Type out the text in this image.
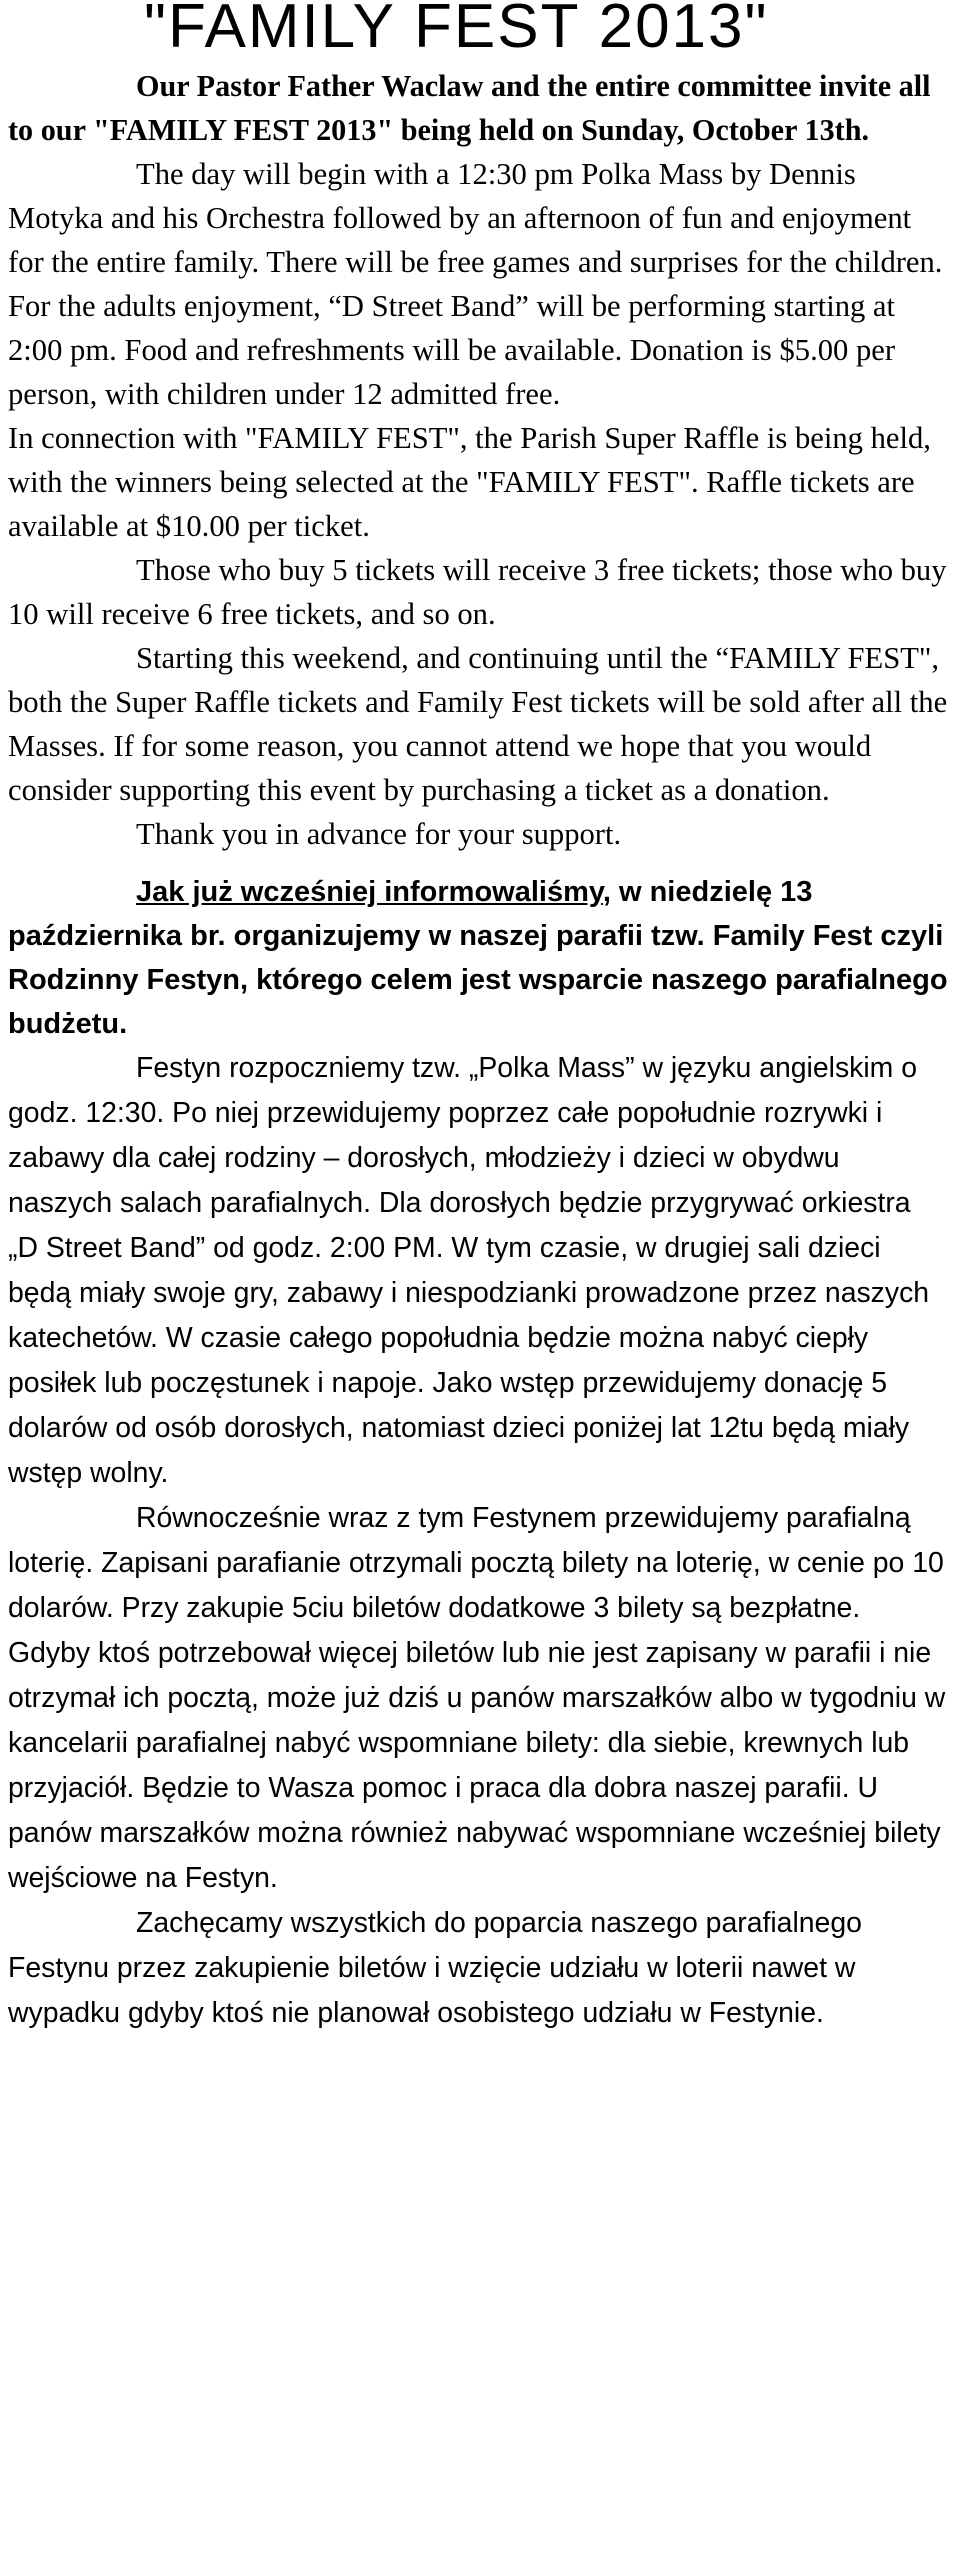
"FAMILY FEST 2013"

Our Pastor Father Waclaw and the entire committee invite all to our "FAMILY FEST 2013" being held on Sunday, October 13th.

The day will begin with a 12:30 pm Polka Mass by Dennis Motyka and his Orchestra followed by an afternoon of fun and enjoyment for the entire family. There will be free games and surprises for the children. For the adults enjoyment, “D Street Band” will be performing starting at 2:00 pm. Food and refreshments will be available. Donation is $5.00 per person, with children under 12 admitted free.

In connection with "FAMILY FEST", the Parish Super Raffle is being held, with the winners being selected at the "FAMILY FEST". Raffle tickets are available at $10.00 per ticket.

Those who buy 5 tickets will receive 3 free tickets; those who buy 10 will receive 6 free tickets, and so on.

Starting this weekend, and continuing until the “FAMILY FEST", both the Super Raffle tickets and Family Fest tickets will be sold after all the Masses. If for some reason, you cannot attend we hope that you would consider supporting this event by purchasing a ticket as a donation.

Thank you in advance for your support.

Jak już wcześniej informowaliśmy, w niedzielę 13 października br. organizujemy w naszej parafii tzw. Family Fest czyli Rodzinny Festyn, którego celem jest wsparcie naszego parafialnego budżetu.

Festyn rozpoczniemy tzw. „Polka Mass” w języku angielskim o godz. 12:30. Po niej przewidujemy poprzez całe popołudnie rozrywki i zabawy dla całej rodziny – dorosłych, młodzieży i dzieci w obydwu naszych salach parafialnych. Dla dorosłych będzie przygrywać orkiestra „D Street Band” od godz. 2:00 PM. W tym czasie, w drugiej sali dzieci będą miały swoje gry, zabawy i niespodzianki prowadzone przez naszych katechetów. W czasie całego popołudnia będzie można nabyć ciepły posiłek lub poczęstunek i napoje. Jako wstęp przewidujemy donację 5 dolarów od osób dorosłych, natomiast dzieci poniżej lat 12tu będą miały wstęp wolny.

Równocześnie wraz z tym Festynem przewidujemy parafialną loterię. Zapisani parafianie otrzymali pocztą bilety na loterię, w cenie po 10 dolarów. Przy zakupie 5ciu biletów dodatkowe 3 bilety są bezpłatne. Gdyby ktoś potrzebował więcej biletów lub nie jest zapisany w parafii i nie otrzymał ich pocztą, może już dziś u panów marszałków albo w tygodniu w kancelarii parafialnej nabyć wspomniane bilety: dla siebie, krewnych lub przyjaciół. Będzie to Wasza pomoc i praca dla dobra naszej parafii. U panów marszałków można również nabywać wspomniane wcześniej bilety wejściowe na Festyn.

Zachęcamy wszystkich do poparcia naszego parafialnego Festynu przez zakupienie biletów i wzięcie udziału w loterii nawet w wypadku gdyby ktoś nie planował osobistego udziału w Festynie.
